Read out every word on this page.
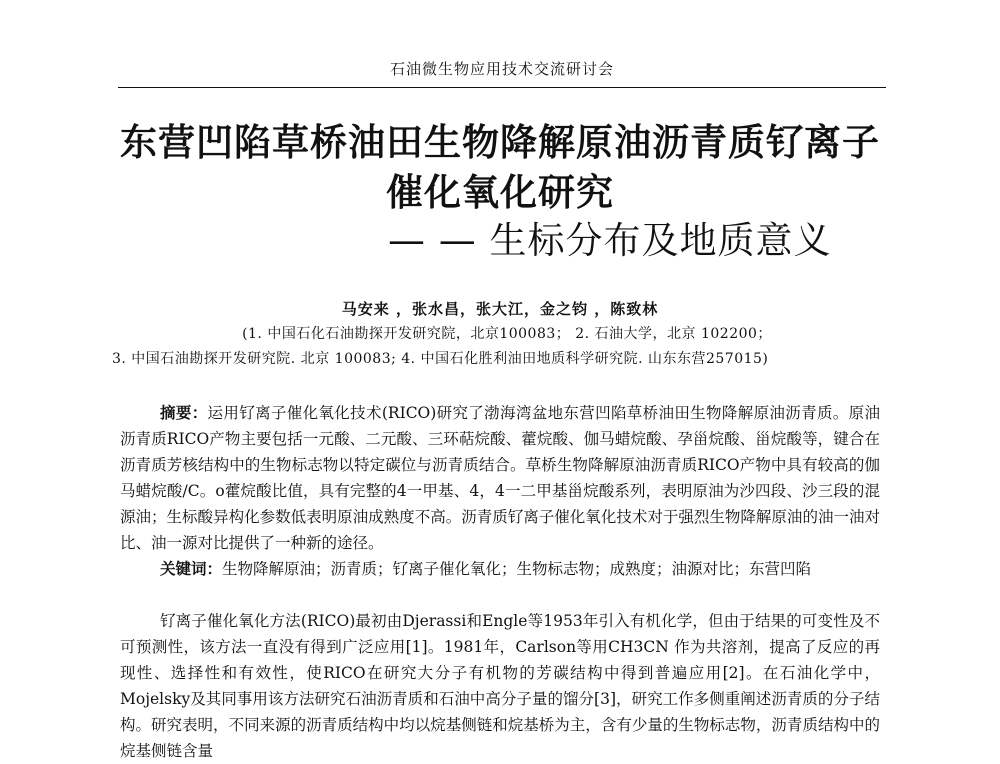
石油微生物应用技术交流研讨会
东营凹陷草桥油田生物降解原油沥青质钌离子
催化氧化研究
— — 生标分布及地质意义
马安来 ，张水昌，张大江，金之钧 ，陈致林
(1. 中国石化石油勘探开发研究院，北京100083； 2. 石油大学，北京 102200；
3. 中国石油勘探开发研究院. 北京 100083; 4. 中国石化胜利油田地质科学研究院. 山东东营257015)

摘要：运用钌离子催化氧化技术(RICO)研究了渤海湾盆地东营凹陷草桥油田生物降解原油沥青质。原油沥青质RICO产物主要包括一元酸、二元酸、三环萜烷酸、藿烷酸、伽马蜡烷酸、孕甾烷酸、甾烷酸等，键合在沥青质芳核结构中的生物标志物以特定碳位与沥青质结合。草桥生物降解原油沥青质RICO产物中具有较高的伽马蜡烷酸/C。o藿烷酸比值，具有完整的4一甲基、4，4一二甲基甾烷酸系列，表明原油为沙四段、沙三段的混源油；生标酸异构化参数低表明原油成熟度不高。沥青质钌离子催化氧化技术对于强烈生物降解原油的油一油对比、油一源对比提供了一种新的途径。

关键词：生物降解原油；沥青质；钌离子催化氧化；生物标志物；成熟度；油源对比；东营凹陷

钌离子催化氧化方法(RICO)最初由Djerassi和Engle等1953年引入有机化学，但由于结果的可变性及不可预测性，该方法一直没有得到广泛应用[1]。1981年，Carlson等用CH3CN 作为共溶剂，提高了反应的再现性、选择性和有效性，使RICO在研究大分子有机物的芳碳结构中得到普遍应用[2]。在石油化学中，Mojelsky及其同事用该方法研究石油沥青质和石油中高分子量的馏分[3]，研究工作多侧重阐述沥青质的分子结构。研究表明，不同来源的沥青质结构中均以烷基侧链和烷基桥为主，含有少量的生物标志物，沥青质结构中的烷基侧链含量
